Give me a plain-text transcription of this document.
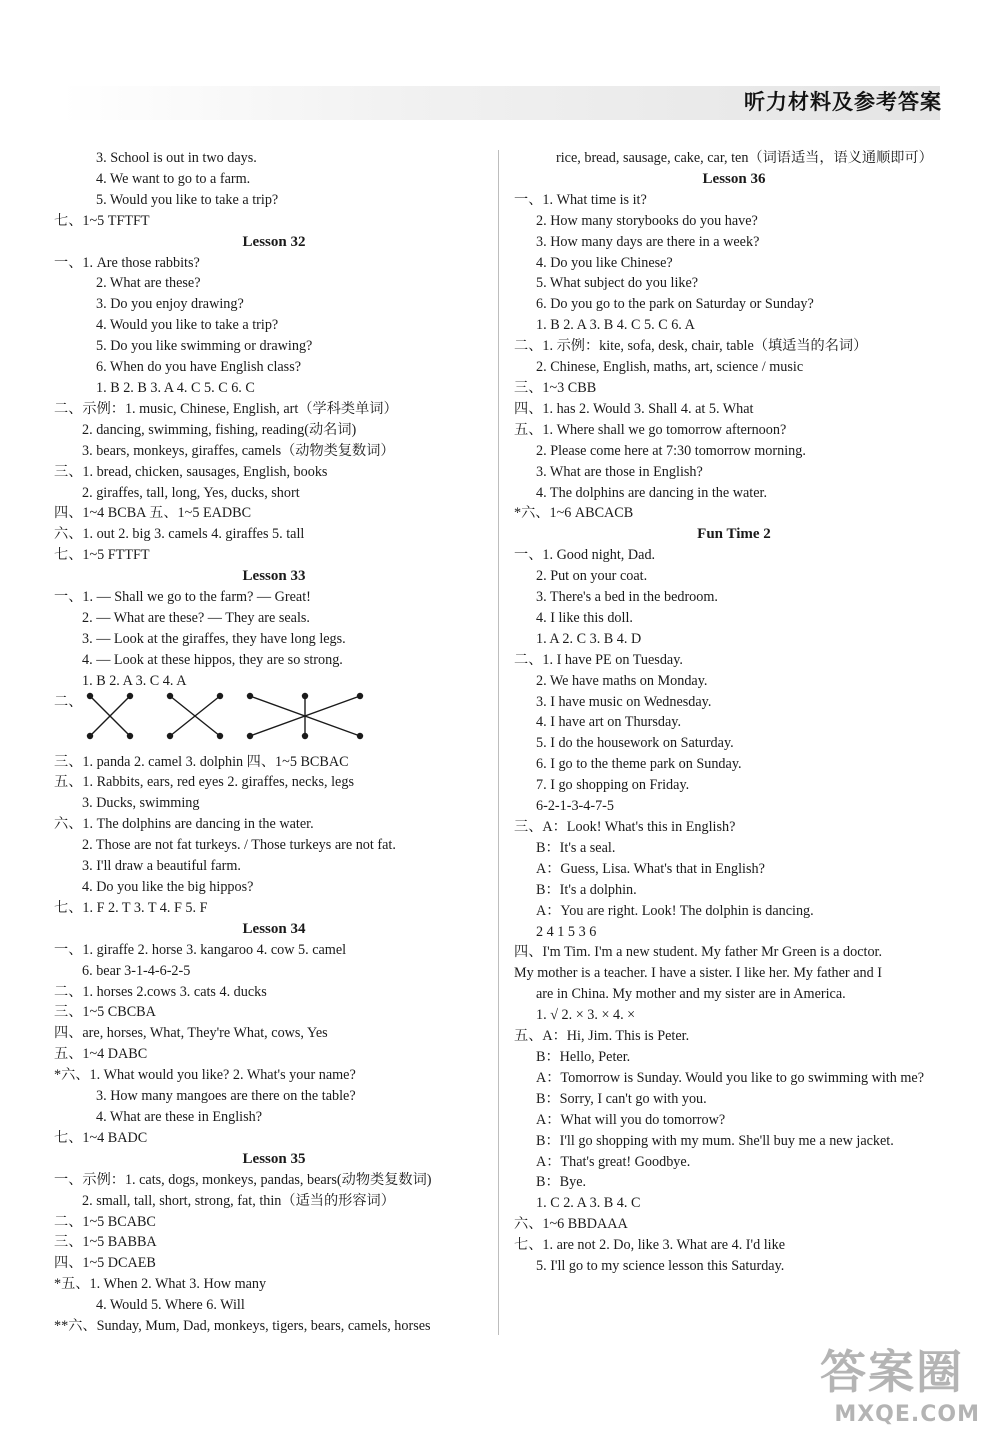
听力材料及参考答案
3. School is out in two days.
4. We want to go to a farm.
5. Would you like to take a trip?
七、1~5 TFTFT
Lesson 32
一、1. Are those rabbits?
2. What are these?
3. Do you enjoy drawing?
4. Would you like to take a trip?
5. Do you like swimming or drawing?
6. When do you have English class?
1. B 2. B 3. A 4. C 5. C 6. C
二、示例：1. music, Chinese, English, art（学科类单词）
2. dancing, swimming, fishing, reading(动名词)
3. bears, monkeys, giraffes, camels（动物类复数词）
三、1. bread, chicken, sausages, English, books
2. giraffes, tall, long, Yes, ducks, short
四、1~4 BCBA 五、1~5 EADBC
六、1. out 2. big 3. camels 4. giraffes 5. tall
七、1~5 FTTFT
Lesson 33
一、1. — Shall we go to the farm? — Great!
2. — What are these? — They are seals.
3. — Look at the giraffes, they have long legs.
4. — Look at these hippos, they are so strong.
1. B 2. A 3. C 4. A
二、
三、1. panda 2. camel 3. dolphin 四、1~5 BCBAC
五、1. Rabbits, ears, red eyes 2. giraffes, necks, legs
3. Ducks, swimming
六、1. The dolphins are dancing in the water.
2. Those are not fat turkeys. / Those turkeys are not fat.
3. I'll draw a beautiful farm.
4. Do you like the big hippos?
七、1. F 2. T 3. T 4. F 5. F
Lesson 34
一、1. giraffe 2. horse 3. kangaroo 4. cow 5. camel
6. bear 3-1-4-6-2-5
二、1. horses 2.cows 3. cats 4. ducks
三、1~5 CBCBA
四、are, horses, What, They're What, cows, Yes
五、1~4 DABC
*六、1. What would you like? 2. What's your name?
3. How many mangoes are there on the table?
4. What are these in English?
七、1~4 BADC
Lesson 35
一、示例：1. cats, dogs, monkeys, pandas, bears(动物类复数词)
2. small, tall, short, strong, fat, thin（适当的形容词）
二、1~5 BCABC
三、1~5 BABBA
四、1~5 DCAEB
*五、1. When 2. What 3. How many
4. Would 5. Where 6. Will
**六、Sunday, Mum, Dad, monkeys, tigers, bears, camels, horses
rice, bread, sausage, cake, car, ten（词语适当，语义通顺即可）
Lesson 36
一、1. What time is it?
2. How many storybooks do you have?
3. How many days are there in a week?
4. Do you like Chinese?
5. What subject do you like?
6. Do you go to the park on Saturday or Sunday?
1. B 2. A 3. B 4. C 5. C 6. A
二、1. 示例：kite, sofa, desk, chair, table（填适当的名词）
2. Chinese, English, maths, art, science / music
三、1~3 CBB
四、1. has 2. Would 3. Shall 4. at 5. What
五、1. Where shall we go tomorrow afternoon?
2. Please come here at 7:30 tomorrow morning.
3. What are those in English?
4. The dolphins are dancing in the water.
*六、1~6 ABCACB
Fun Time 2
一、1. Good night, Dad.
2. Put on your coat.
3. There's a bed in the bedroom.
4. I like this doll.
1. A 2. C 3. B 4. D
二、1. I have PE on Tuesday.
2. We have maths on Monday.
3. I have music on Wednesday.
4. I have art on Thursday.
5. I do the housework on Saturday.
6. I go to the theme park on Sunday.
7. I go shopping on Friday.
6-2-1-3-4-7-5
三、A：Look! What's this in English?
B：It's a seal.
A：Guess, Lisa. What's that in English?
B：It's a dolphin.
A：You are right. Look! The dolphin is dancing.
2 4 1 5 3 6
四、I'm Tim. I'm a new student. My father Mr Green is a doctor.
My mother is a teacher. I have a sister. I like her. My father and I
are in China. My mother and my sister are in America.
1. √ 2. × 3. × 4. ×
五、A：Hi, Jim. This is Peter.
B：Hello, Peter.
A：Tomorrow is Sunday. Would you like to go swimming with me?
B：Sorry, I can't go with you.
A：What will you do tomorrow?
B：I'll go shopping with my mum. She'll buy me a new jacket.
A：That's great! Goodbye.
B：Bye.
1. C 2. A 3. B 4. C
六、1~6 BBDAAA
七、1. are not 2. Do, like 3. What are 4. I'd like
5. I'll go to my science lesson this Saturday.
答案圈
MXQE.COM
